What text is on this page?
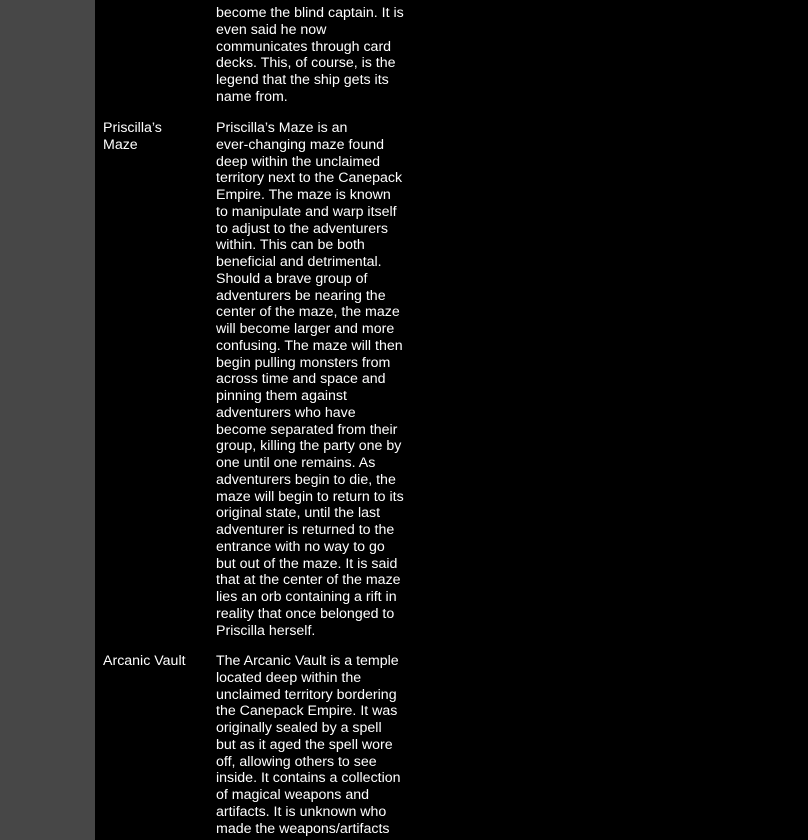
become the blind captain. It is
even said he now
communicates through card
decks. This, of course, is the
legend that the ship gets its
name from.
Priscilla’s
Maze
Priscilla’s Maze is an
ever-changing maze found
deep within the unclaimed
territory next to the Canepack
Empire. The maze is known
to manipulate and warp itself
to adjust to the adventurers
within. This can be both
beneficial and detrimental.
Should a brave group of
adventurers be nearing the
center of the maze, the maze
will become larger and more
confusing. The maze will then
begin pulling monsters from
across time and space and
pinning them against
adventurers who have
become separated from their
group, killing the party one by
one until one remains. As
adventurers begin to die, the
maze will begin to return to its
original state, until the last
adventurer is returned to the
entrance with no way to go
but out of the maze. It is said
that at the center of the maze
lies an orb containing a rift in
reality that once belonged to
Priscilla herself.
Arcanic Vault	The Arcanic Vault is a temple
located deep within the
unclaimed territory bordering
the Canepack Empire. It was
originally sealed by a spell
but as it aged the spell wore
off, allowing others to see
inside. It contains a collection
of magical weapons and
artifacts. It is unknown who
made the weapons/artifacts
